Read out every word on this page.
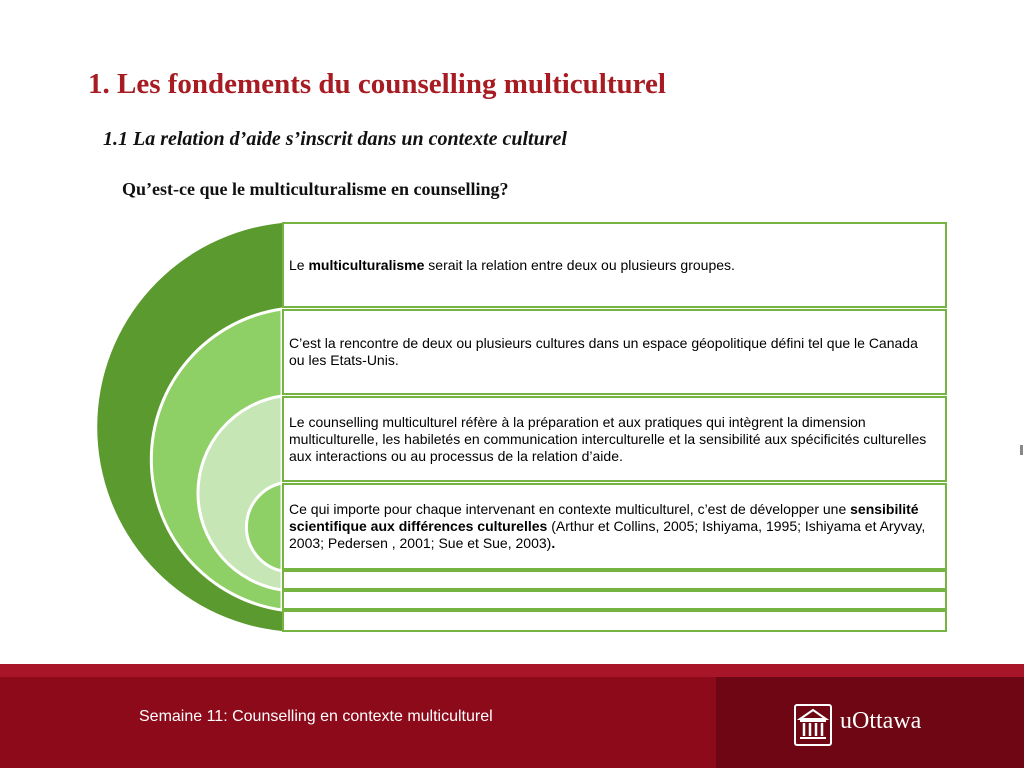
1. Les fondements du counselling multiculturel
1.1 La relation d’aide s’inscrit dans un contexte culturel
Qu’est-ce que le multiculturalisme en counselling?
Le multiculturalisme serait la relation entre deux ou plusieurs groupes.
C’est la rencontre de deux ou plusieurs cultures dans un espace géopolitique défini tel que le Canada ou les Etats-Unis.
Le counselling multiculturel réfère à la préparation et aux pratiques qui intègrent la dimension multiculturelle, les habiletés en communication interculturelle et la sensibilité aux spécificités culturelles aux interactions ou au processus de la relation d’aide.
Ce qui importe pour chaque intervenant en contexte multiculturel, c’est de développer une sensibilité scientifique aux différences culturelles (Arthur et Collins, 2005; Ishiyama, 1995; Ishiyama et Aryvay, 2003; Pedersen , 2001; Sue et Sue, 2003).
Semaine 11: Counselling en contexte multiculturel	uOttawa
